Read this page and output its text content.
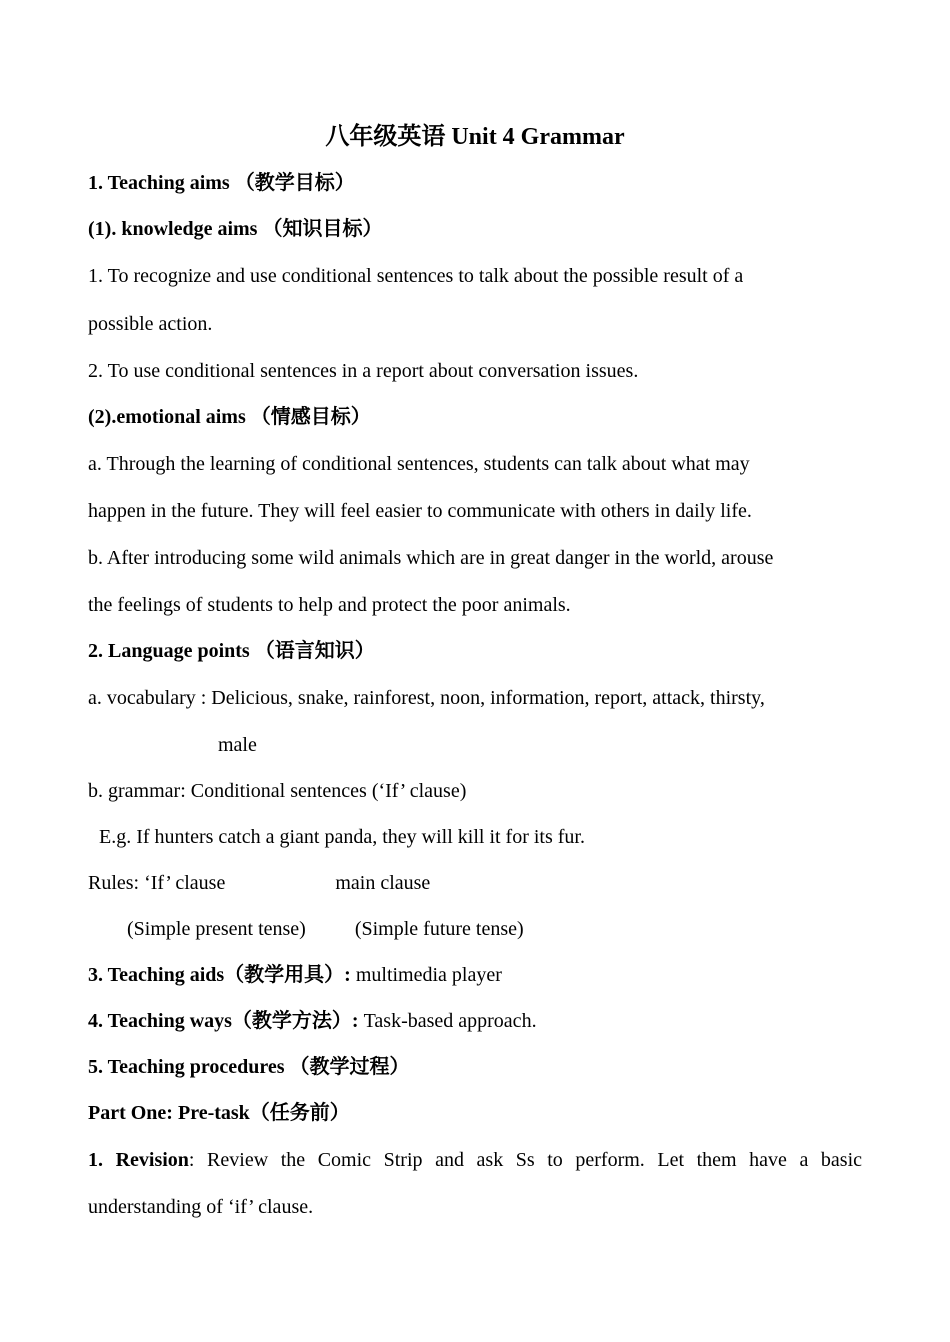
八年级英语 Unit 4 Grammar
1. Teaching aims （教学目标）
(1). knowledge aims （知识目标）
1. To recognize and use conditional sentences to talk about the possible result of a
possible action.
2. To use conditional sentences in a report about conversation issues.
(2).emotional aims （情感目标）
a. Through the learning of conditional sentences, students can talk about what may
happen in the future. They will feel easier to communicate with others in daily life.
b. After introducing some wild animals which are in great danger in the world, arouse
the feelings of students to help and protect the poor animals.
2. Language points （语言知识）
a. vocabulary : Delicious, snake, rainforest, noon, information, report, attack, thirsty,
male
b. grammar: Conditional sentences (‘If’ clause)
E.g. If hunters catch a giant panda, they will kill it for its fur.
Rules: ‘If’ clause	main clause
(Simple present tense) (Simple future tense)
3. Teaching aids（教学用具）: multimedia player
4. Teaching ways（教学方法）: Task-based approach.
5. Teaching procedures （教学过程）
Part One: Pre-task（任务前）
1. Revision: Review the Comic Strip and ask Ss to perform. Let them have a basic
understanding of ‘if’ clause.
